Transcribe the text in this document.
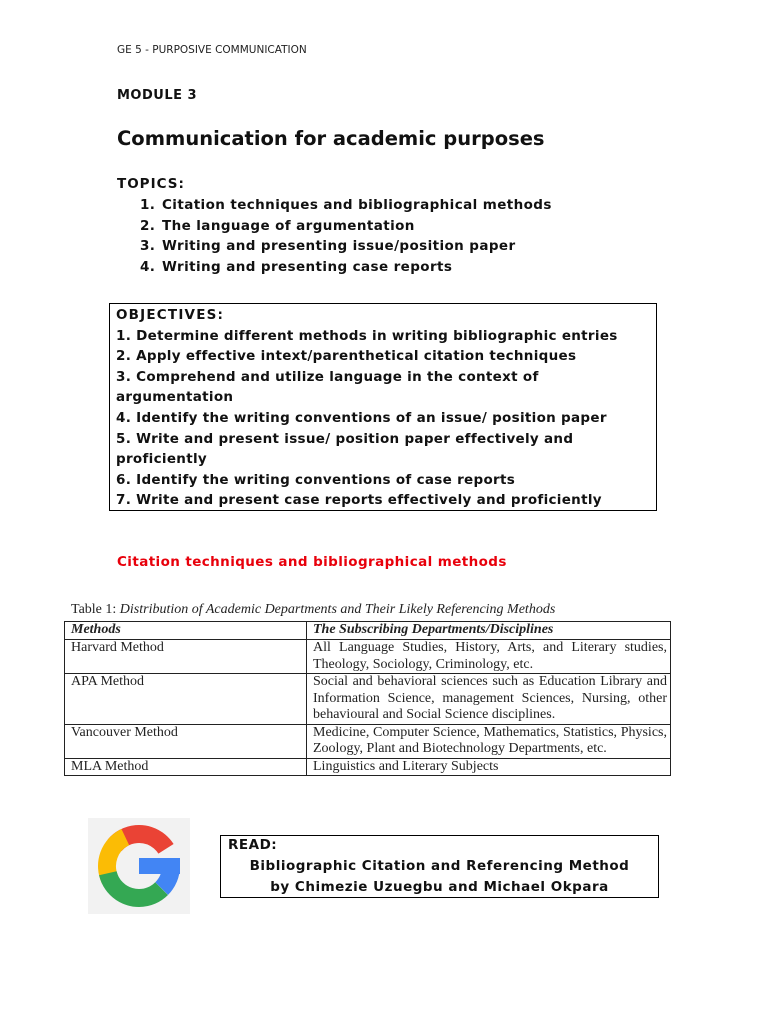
GE 5 - PURPOSIVE COMMUNICATION
MODULE 3
Communication for academic purposes
TOPICS:
1. Citation techniques and bibliographical methods
2. The language of argumentation
3. Writing and presenting issue/position paper
4. Writing and presenting case reports
OBJECTIVES:
1. Determine different methods in writing bibliographic entries
2. Apply effective intext/parenthetical citation techniques
3. Comprehend and utilize language in the context of
argumentation
4. Identify the writing conventions of an issue/ position paper
5. Write and present issue/ position paper effectively and
proficiently
6. Identify the writing conventions of case reports
7. Write and present case reports effectively and proficiently
Citation techniques and bibliographical methods
Table 1: Distribution of Academic Departments and Their Likely Referencing Methods
Methods	The Subscribing Departments/Disciplines
Harvard Method	All Language Studies, History, Arts, and Literary studies, Theology, Sociology, Criminology, etc.
APA Method	Social and behavioral sciences such as Education Library and Information Science, management Sciences, Nursing, other behavioural and Social Science disciplines.
Vancouver Method	Medicine, Computer Science, Mathematics, Statistics, Physics, Zoology, Plant and Biotechnology Departments, etc.
MLA Method	Linguistics and Literary Subjects
READ:
Bibliographic Citation and Referencing Method
by Chimezie Uzuegbu and Michael Okpara
